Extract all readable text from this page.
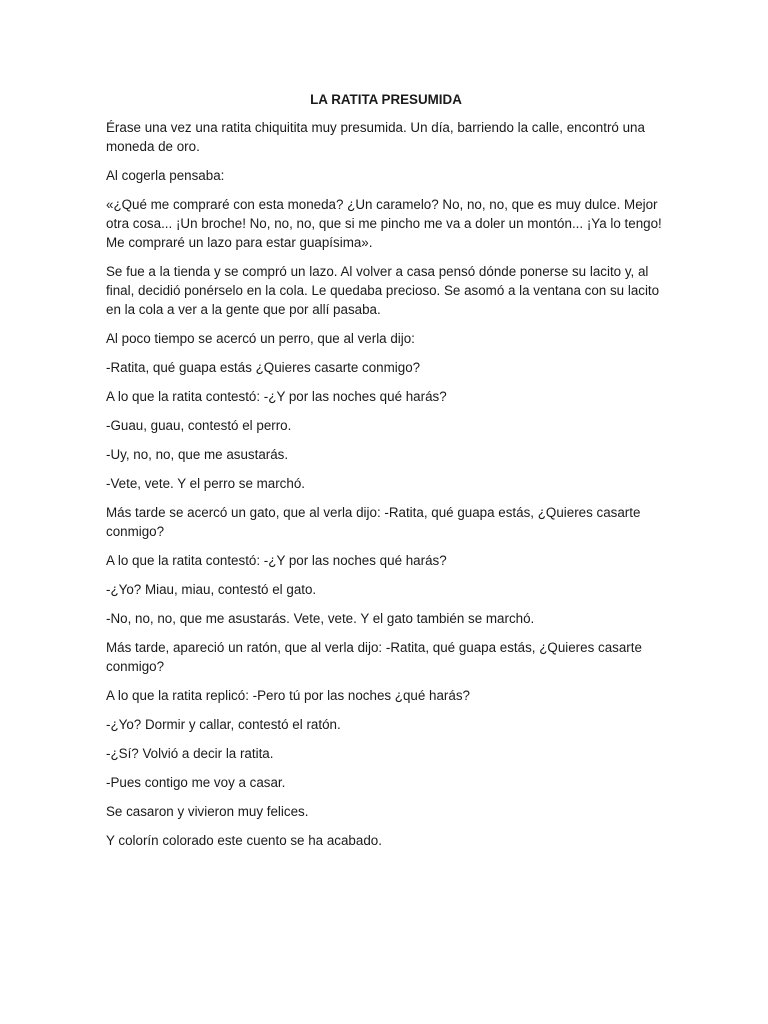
LA RATITA PRESUMIDA

Érase una vez una ratita chiquitita muy presumida. Un día, barriendo la calle, encontró una moneda de oro.

Al cogerla pensaba:

«¿Qué me compraré con esta moneda? ¿Un caramelo? No, no, no, que es muy dulce. Mejor otra cosa... ¡Un broche! No, no, no, que si me pincho me va a doler un montón... ¡Ya lo tengo! Me compraré un lazo para estar guapísima».

Se fue a la tienda y se compró un lazo. Al volver a casa pensó dónde ponerse su lacito y, al final, decidió ponérselo en la cola. Le quedaba precioso. Se asomó a la ventana con su lacito en la cola a ver a la gente que por allí pasaba.

Al poco tiempo se acercó un perro, que al verla dijo:

-Ratita, qué guapa estás ¿Quieres casarte conmigo?

A lo que la ratita contestó: -¿Y por las noches qué harás?

-Guau, guau, contestó el perro.

-Uy, no, no, que me asustarás.

-Vete, vete. Y el perro se marchó.

Más tarde se acercó un gato, que al verla dijo: -Ratita, qué guapa estás, ¿Quieres casarte conmigo?

A lo que la ratita contestó: -¿Y por las noches qué harás?

-¿Yo? Miau, miau, contestó el gato.

-No, no, no, que me asustarás. Vete, vete. Y el gato también se marchó.

Más tarde, apareció un ratón, que al verla dijo: -Ratita, qué guapa estás, ¿Quieres casarte conmigo?

A lo que la ratita replicó: -Pero tú por las noches ¿qué harás?

-¿Yo? Dormir y callar, contestó el ratón.

-¿Sí? Volvió a decir la ratita.

-Pues contigo me voy a casar.

Se casaron y vivieron muy felices.

Y colorín colorado este cuento se ha acabado.
